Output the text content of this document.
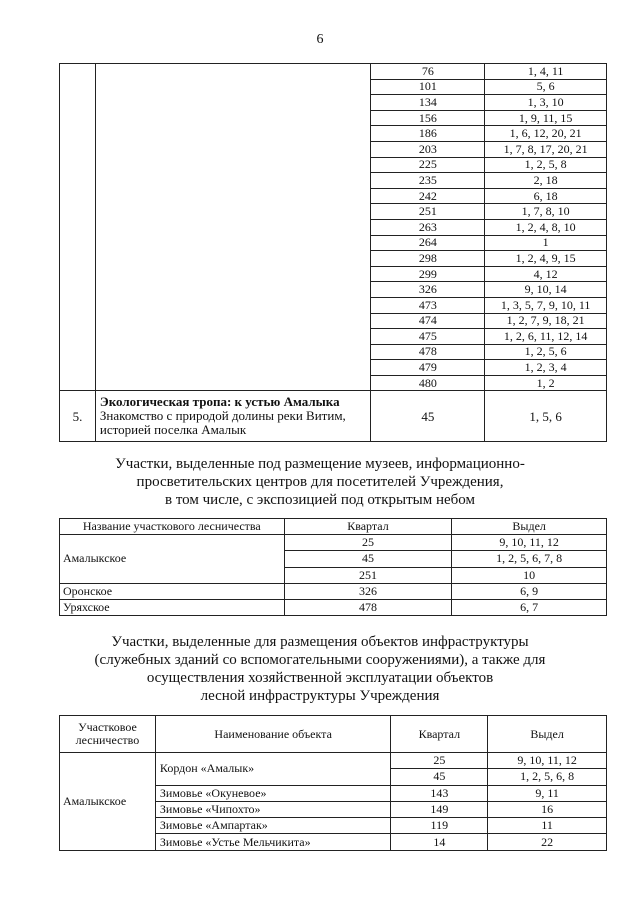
6
		76	1, 4, 11
		101	5, 6
		134	1, 3, 10
		156	1, 9, 11, 15
		186	1, 6, 12, 20, 21
		203	1, 7, 8, 17, 20, 21
		225	1, 2, 5, 8
		235	2, 18
		242	6, 18
		251	1, 7, 8, 10
		263	1, 2, 4, 8, 10
		264	1
		298	1, 2, 4, 9, 15
		299	4, 12
		326	9, 10, 14
		473	1, 3, 5, 7, 9, 10, 11
		474	1, 2, 7, 9, 18, 21
		475	1, 2, 6, 11, 12, 14
		478	1, 2, 5, 6
		479	1, 2, 3, 4
		480	1, 2
5.	Экологическая тропа: к устью Амалыка
Знакомство с природой долины реки Витим, историей поселка Амалык	45	1, 5, 6
Участки, выделенные под размещение музеев, информационно-
просветительских центров для посетителей Учреждения,
в том числе, с экспозицией под открытым небом
Название участкового лесничества	Квартал	Выдел
Амалыкское	25	9, 10, 11, 12
	45	1, 2, 5, 6, 7, 8
	251	10
Оронское	326	6, 9
Уряхское	478	6, 7
Участки, выделенные для размещения объектов инфраструктуры
(служебных зданий со вспомогательными сооружениями), а также для
осуществления хозяйственной эксплуатации объектов
лесной инфраструктуры Учреждения
Участковое
лесничество	Наименование объекта	Квартал	Выдел
Амалыкское	Кордон «Амалык»	25	9, 10, 11, 12
		45	1, 2, 5, 6, 8
	Зимовье «Окуневое»	143	9, 11
	Зимовье «Чипохто»	149	16
	Зимовье «Ампартак»	119	11
	Зимовье «Устье Мельчикита»	14	22
